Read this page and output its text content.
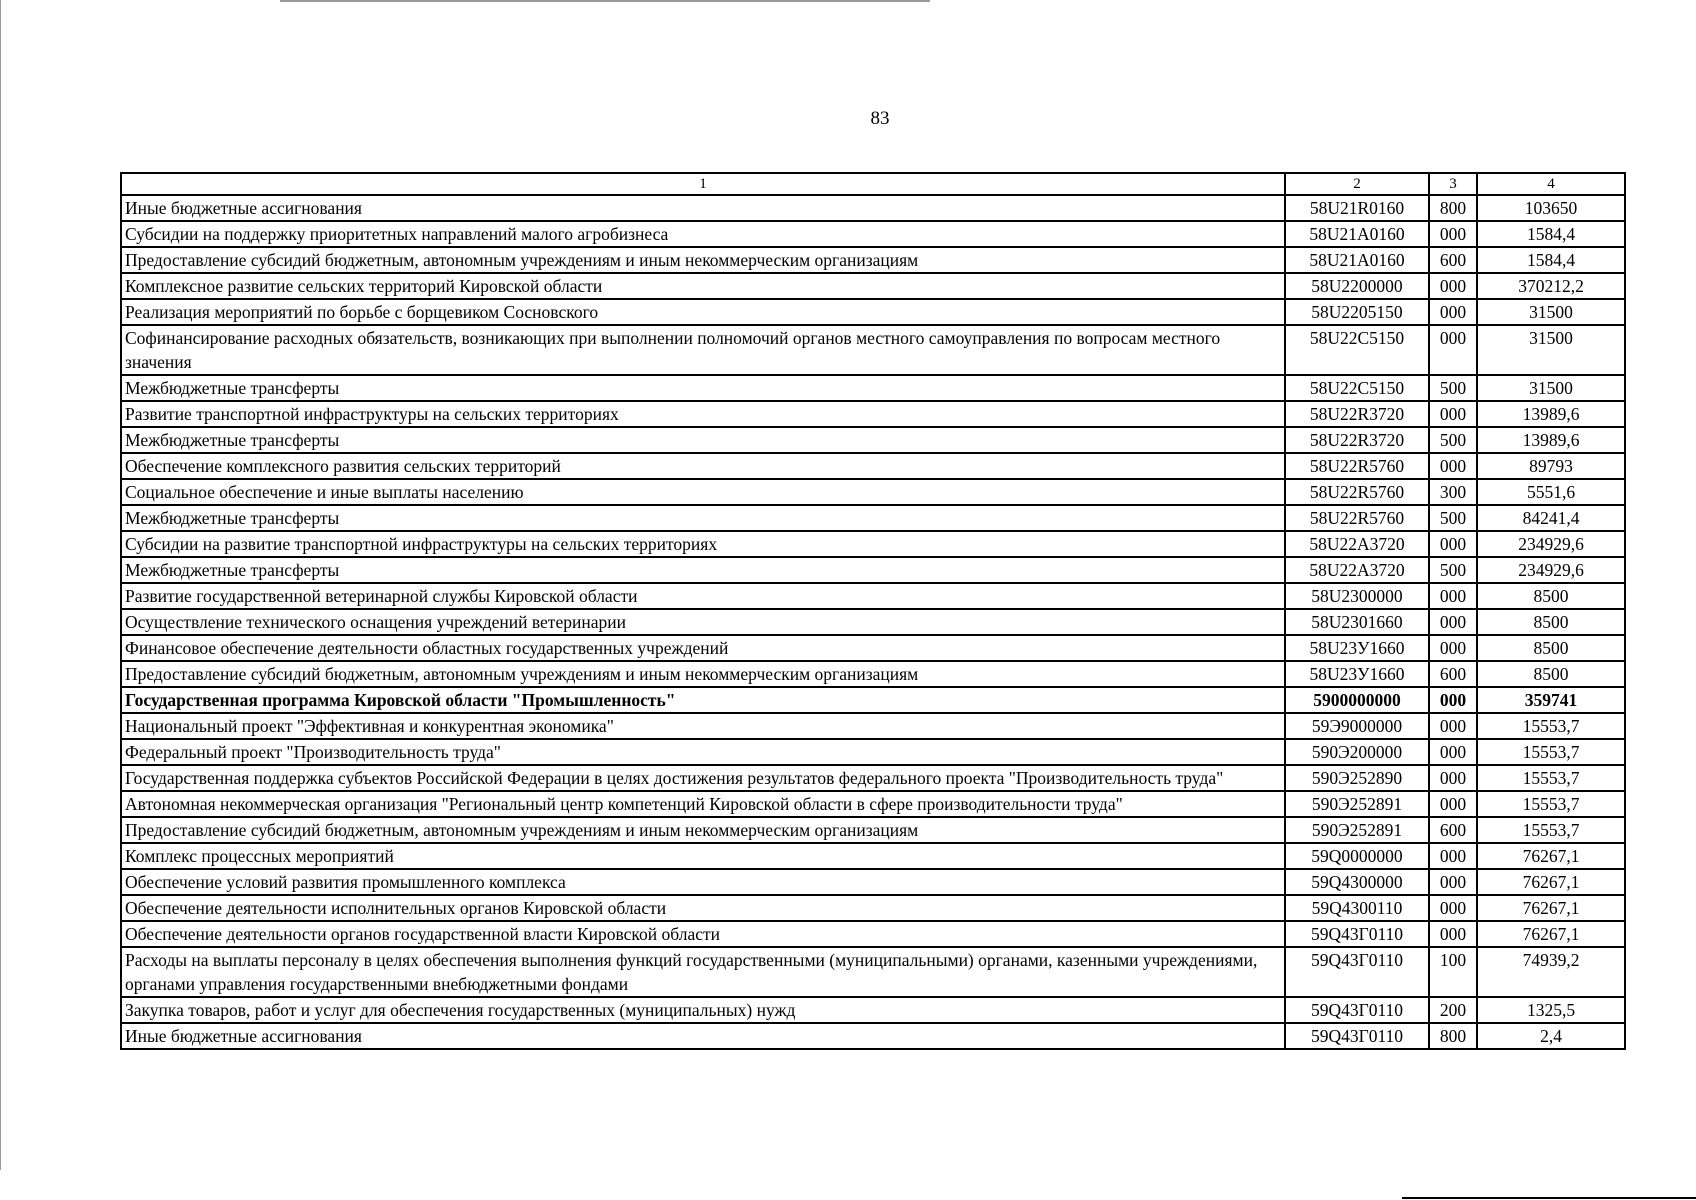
83
1	2	3	4
Иные бюджетные ассигнования	58U21R0160	800	103650
Субсидии на поддержку приоритетных направлений малого агробизнеса	58U21A0160	000	1584,4
Предоставление субсидий бюджетным, автономным учреждениям и иным некоммерческим организациям	58U21A0160	600	1584,4
Комплексное развитие сельских территорий Кировской области	58U2200000	000	370212,2
Реализация мероприятий по борьбе с борщевиком Сосновского	58U2205150	000	31500
Софинансирование расходных обязательств, возникающих при выполнении полномочий органов местного самоуправления по вопросам местного значения	58U22C5150	000	31500
Межбюджетные трансферты	58U22C5150	500	31500
Развитие транспортной инфраструктуры на сельских территориях	58U22R3720	000	13989,6
Межбюджетные трансферты	58U22R3720	500	13989,6
Обеспечение комплексного развития сельских территорий	58U22R5760	000	89793
Социальное обеспечение и иные выплаты населению	58U22R5760	300	5551,6
Межбюджетные трансферты	58U22R5760	500	84241,4
Субсидии на развитие транспортной инфраструктуры на сельских территориях	58U22A3720	000	234929,6
Межбюджетные трансферты	58U22A3720	500	234929,6
Развитие государственной ветеринарной службы Кировской области	58U2300000	000	8500
Осуществление технического оснащения учреждений ветеринарии	58U2301660	000	8500
Финансовое обеспечение деятельности областных государственных учреждений	58U23У1660	000	8500
Предоставление субсидий бюджетным, автономным учреждениям и иным некоммерческим организациям	58U23У1660	600	8500
Государственная программа Кировской области "Промышленность"	5900000000	000	359741
Национальный проект "Эффективная и конкурентная экономика"	59Э9000000	000	15553,7
Федеральный проект "Производительность труда"	590Э200000	000	15553,7
Государственная поддержка субъектов Российской Федерации в целях достижения результатов федерального проекта "Производительность труда"	590Э252890	000	15553,7
Автономная некоммерческая организация "Региональный центр компетенций Кировской области в сфере производительности труда"	590Э252891	000	15553,7
Предоставление субсидий бюджетным, автономным учреждениям и иным некоммерческим организациям	590Э252891	600	15553,7
Комплекс процессных мероприятий	59Q0000000	000	76267,1
Обеспечение условий развития промышленного комплекса	59Q4300000	000	76267,1
Обеспечение деятельности исполнительных органов Кировской области	59Q4300110	000	76267,1
Обеспечение деятельности органов государственной власти Кировской области	59Q43Г0110	000	76267,1
Расходы на выплаты персоналу в целях обеспечения выполнения функций государственными (муниципальными) органами, казенными учреждениями, органами управления государственными внебюджетными фондами	59Q43Г0110	100	74939,2
Закупка товаров, работ и услуг для обеспечения государственных (муниципальных) нужд	59Q43Г0110	200	1325,5
Иные бюджетные ассигнования	59Q43Г0110	800	2,4
